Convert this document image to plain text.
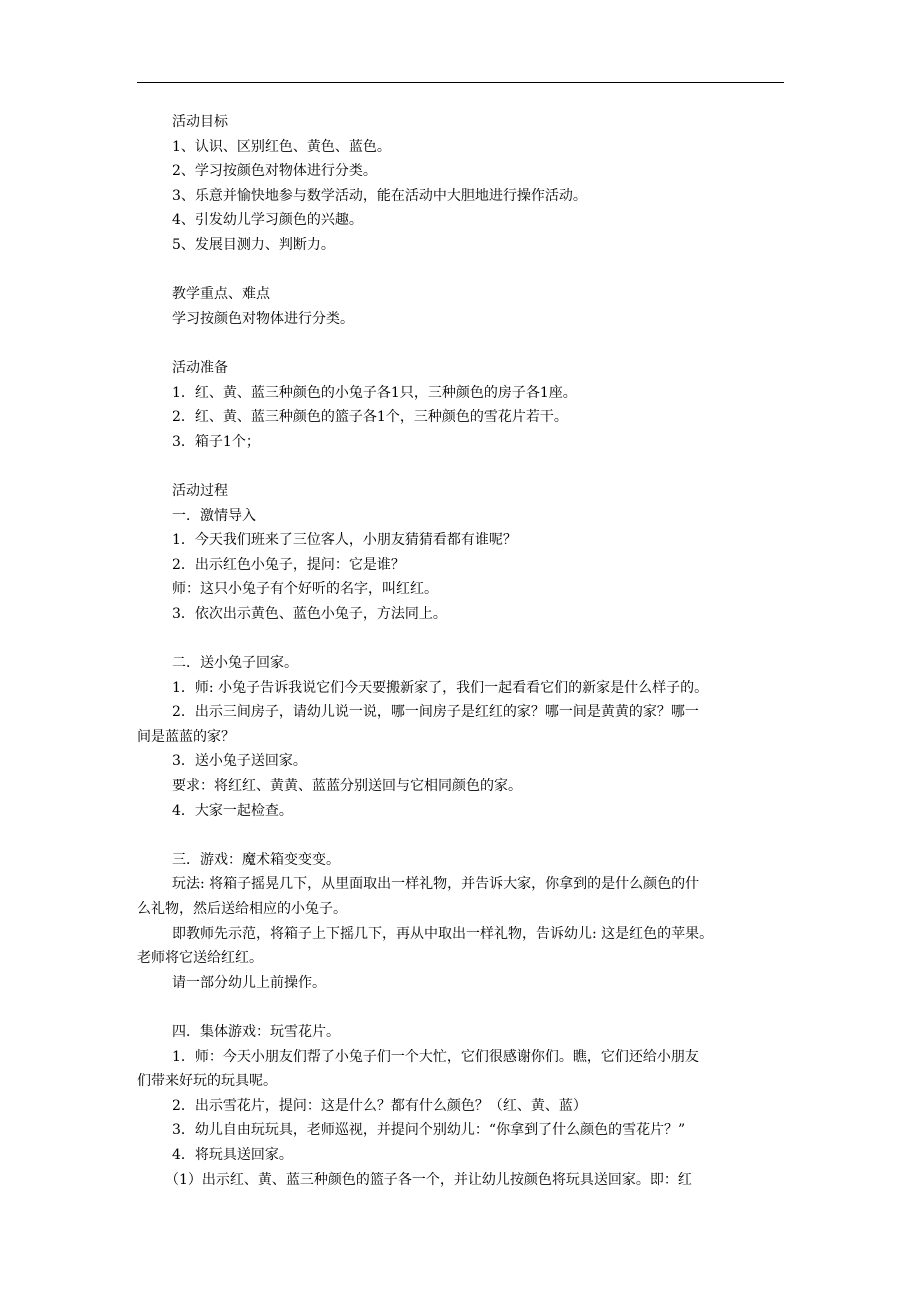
活动目标
1、认识、区别红色、黄色、蓝色。
2、学习按颜色对物体进行分类。
3、乐意并愉快地参与数学活动，能在活动中大胆地进行操作活动。
4、引发幼儿学习颜色的兴趣。
5、发展目测力、判断力。
教学重点、难点
学习按颜色对物体进行分类。
活动准备
1．红、黄、蓝三种颜色的小兔子各1只，三种颜色的房子各1座。
2．红、黄、蓝三种颜色的篮子各1个，三种颜色的雪花片若干。
3．箱子1个；
活动过程
一．激情导入
1．今天我们班来了三位客人，小朋友猜猜看都有谁呢？
2．出示红色小兔子，提问：它是谁？
师：这只小兔子有个好听的名字，叫红红。
3．依次出示黄色、蓝色小兔子，方法同上。
二．送小兔子回家。
1．师: 小兔子告诉我说它们今天要搬新家了，我们一起看看它们的新家是什么样子的。
2．出示三间房子，请幼儿说一说，哪一间房子是红红的家？哪一间是黄黄的家？哪一
间是蓝蓝的家？
3．送小兔子送回家。
要求：将红红、黄黄、蓝蓝分别送回与它相同颜色的家。
4．大家一起检查。
三．游戏：魔术箱变变变。
玩法: 将箱子摇晃几下，从里面取出一样礼物，并告诉大家，你拿到的是什么颜色的什
么礼物，然后送给相应的小兔子。
即教师先示范，将箱子上下摇几下，再从中取出一样礼物，告诉幼儿: 这是红色的苹果。
老师将它送给红红。
请一部分幼儿上前操作。
四．集体游戏：玩雪花片。
1．师：今天小朋友们帮了小兔子们一个大忙，它们很感谢你们。瞧，它们还给小朋友
们带来好玩的玩具呢。
2．出示雪花片，提问：这是什么？都有什么颜色？（红、黄、蓝）
3．幼儿自由玩玩具，老师巡视，并提问个别幼儿：“你拿到了什么颜色的雪花片？”
4．将玩具送回家。
（1）出示红、黄、蓝三种颜色的篮子各一个，并让幼儿按颜色将玩具送回家。即：红
